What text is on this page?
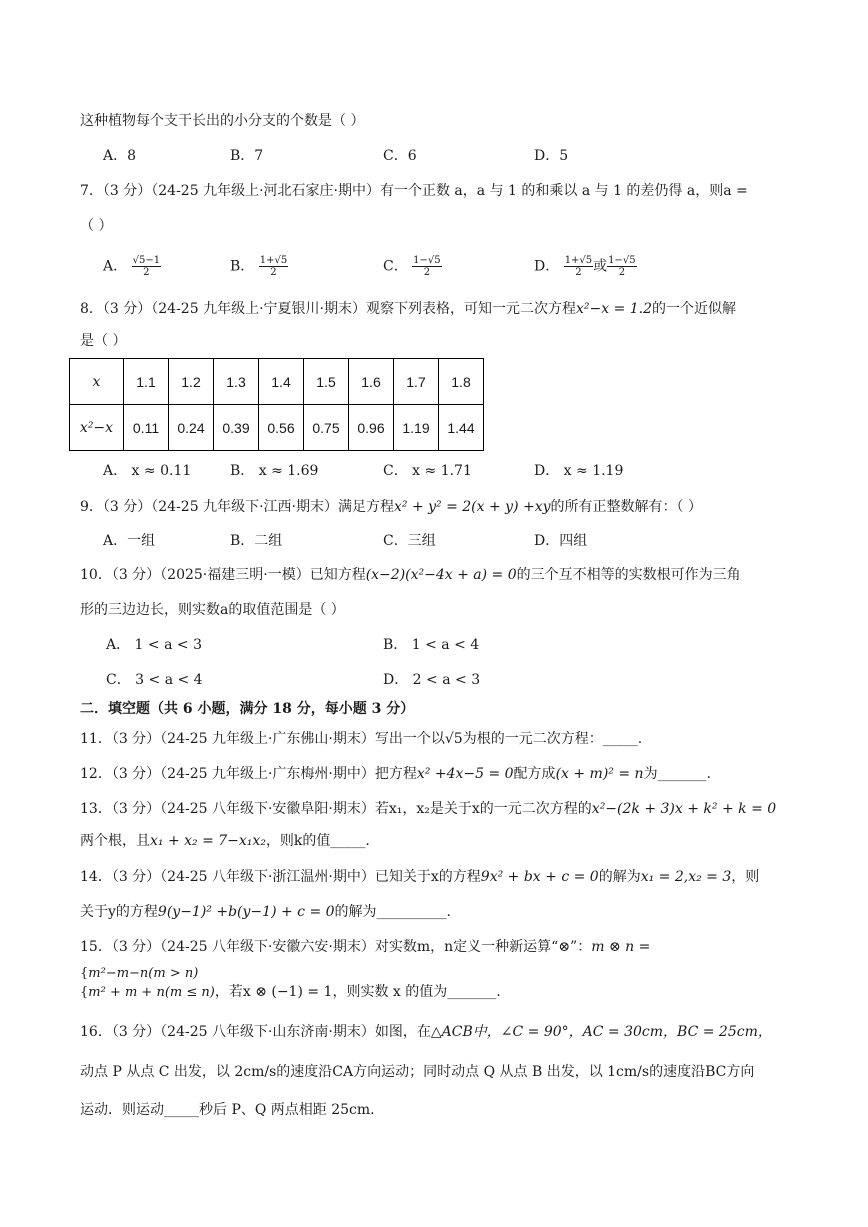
这种植物每个支干长出的小分支的个数是（ ）
A．8	B．7	C．6	D．5
7．（3 分）（24-25 九年级上·河北石家庄·期中）有一个正数 a，a 与 1 的和乘以 a 与 1 的差仍得 a，则a =
（ ）
A． $\frac{√5-1}{2}$	B． $\frac{1+√5}{2}$	C． $\frac{1-√5}{2}$	D． $\frac{1+√5}{2}$ 或 $\frac{1-√5}{2}$
8．（3 分）（24-25 九年级上·宁夏银川·期末）观察下列表格，可知一元二次方程x²−x = 1.2的一个近似解
是（ ）
x	1.1	1.2	1.3	1.4	1.5	1.6	1.7	1.8
x²−x	0.11	0.24	0.39	0.56	0.75	0.96	1.19	1.44
A． x ≈ 0.11	B． x ≈ 1.69	C． x ≈ 1.71	D． x ≈ 1.19
9．（3 分）（24-25 九年级下·江西·期末）满足方程x² + y² = 2(x + y) +xy的所有正整数解有：（ ）
A．一组	B．二组	C．三组	D．四组
10．（3 分）（2025·福建三明·一模）已知方程(x−2)(x²−4x + a) = 0的三个互不相等的实数根可作为三角
形的三边边长，则实数a的取值范围是（ ）
A． 1 < a < 3	B． 1 < a < 4
C． 3 < a < 4	D． 2 < a < 3
二．填空题（共 6 小题，满分 18 分，每小题 3 分）
11．（3 分）（24-25 九年级上·广东佛山·期末）写出一个以√5为根的一元二次方程：_____.
12．（3 分）（24-25 九年级上·广东梅州·期中）把方程x² +4x−5 = 0配方成(x + m)² = n为_______.
13．（3 分）（24-25 八年级下·安徽阜阳·期末）若x₁，x₂是关于x的一元二次方程的x²−(2k + 3)x + k² + k = 0
两个根，且x₁ + x₂ = 7−x₁x₂，则k的值_____.
14．（3 分）（24-25 八年级下·浙江温州·期中）已知关于x的方程9x² + bx + c = 0的解为x₁ = 2,x₂ = 3，则
关于y的方程9(y−1)² +b(y−1) + c = 0的解为__________.
15．（3 分）（24-25 八年级下·安徽六安·期末）对实数m，n定义一种新运算“⊗”：m ⊗ n =
{m²−m−n(m > n)
{m² + m + n(m ≤ n)，若x ⊗ (−1) = 1，则实数 x 的值为_______.
16．（3 分）（24-25 八年级下·山东济南·期末）如图，在△ACB中，∠C = 90°，AC = 30cm，BC = 25cm，
动点 P 从点 C 出发，以 2cm/s的速度沿CA方向运动；同时动点 Q 从点 B 出发，以 1cm/s的速度沿BC方向
运动．则运动_____秒后 P、Q 两点相距 25cm.
